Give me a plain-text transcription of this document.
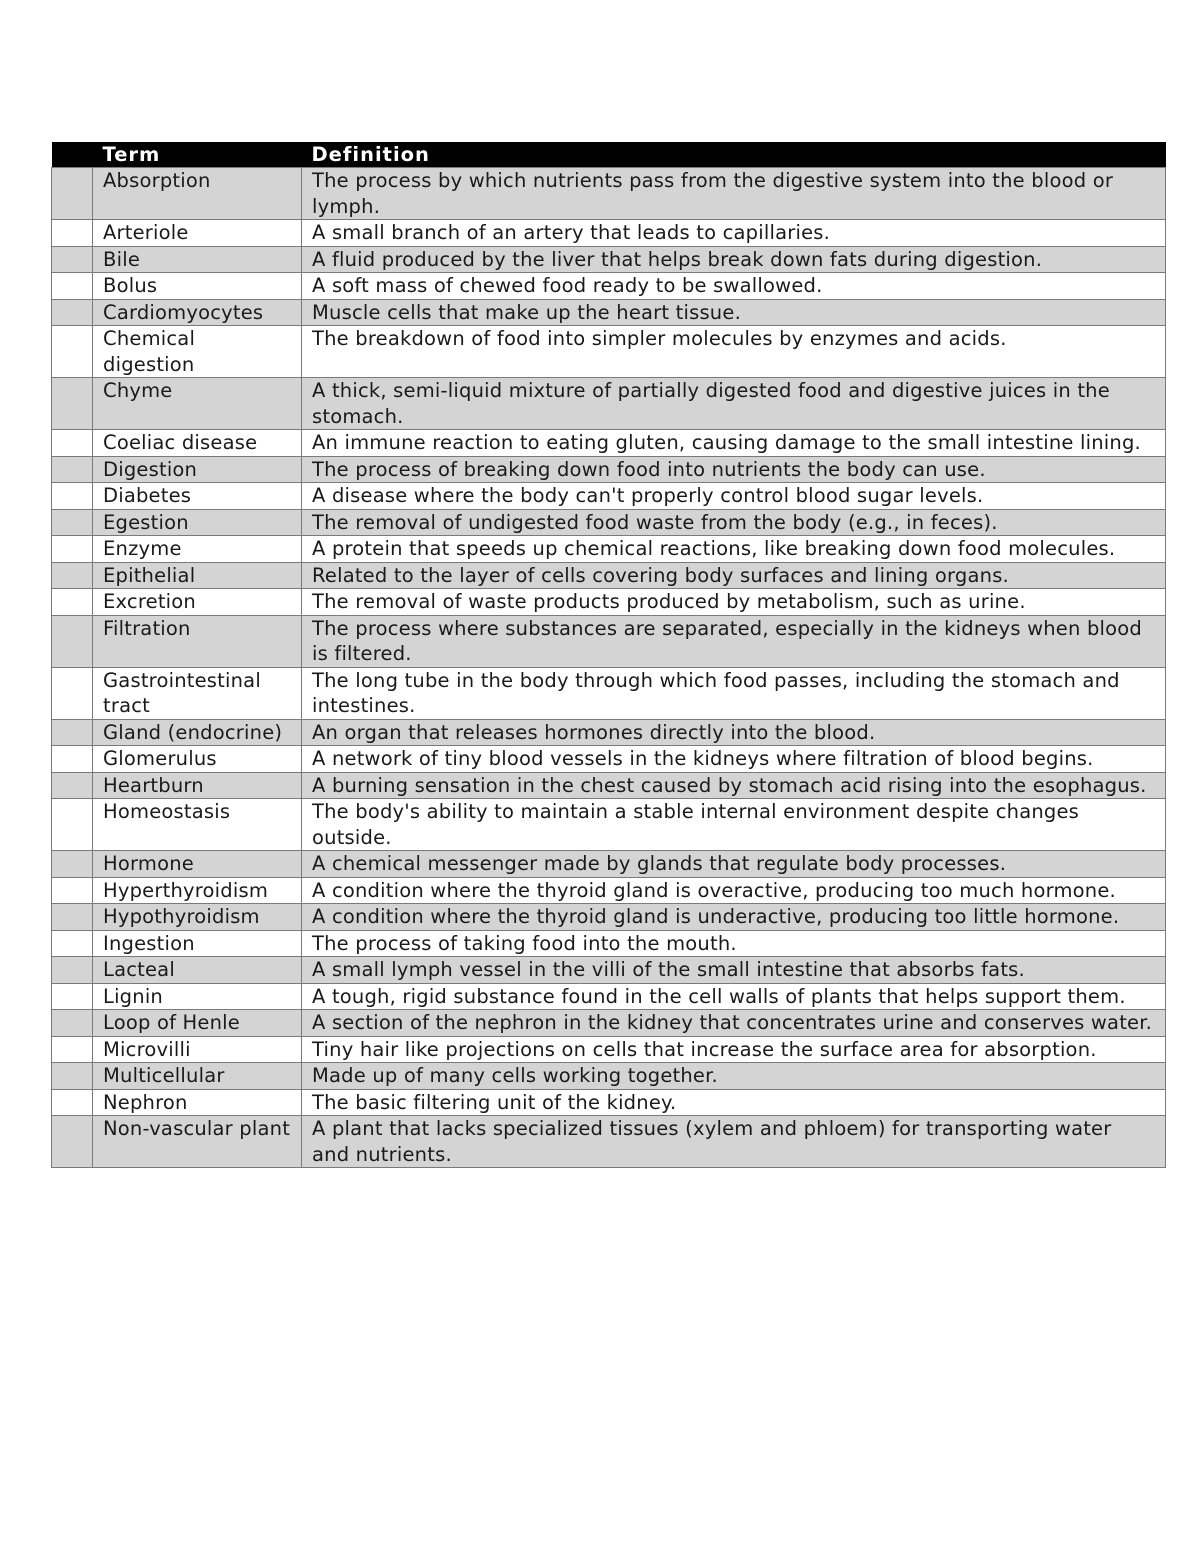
	Term	Definition
	Absorption	The process by which nutrients pass from the digestive system into the blood or lymph.
	Arteriole	A small branch of an artery that leads to capillaries.
	Bile	A fluid produced by the liver that helps break down fats during digestion.
	Bolus	A soft mass of chewed food ready to be swallowed.
	Cardiomyocytes	Muscle cells that make up the heart tissue.
	Chemical digestion	The breakdown of food into simpler molecules by enzymes and acids.
	Chyme	A thick, semi-liquid mixture of partially digested food and digestive juices in the stomach.
	Coeliac disease	An immune reaction to eating gluten, causing damage to the small intestine lining.
	Digestion	The process of breaking down food into nutrients the body can use.
	Diabetes	A disease where the body can't properly control blood sugar levels.
	Egestion	The removal of undigested food waste from the body (e.g., in feces).
	Enzyme	A protein that speeds up chemical reactions, like breaking down food molecules.
	Epithelial	Related to the layer of cells covering body surfaces and lining organs.
	Excretion	The removal of waste products produced by metabolism, such as urine.
	Filtration	The process where substances are separated, especially in the kidneys when blood is filtered.
	Gastrointestinal tract	The long tube in the body through which food passes, including the stomach and intestines.
	Gland (endocrine)	An organ that releases hormones directly into the blood.
	Glomerulus	A network of tiny blood vessels in the kidneys where filtration of blood begins.
	Heartburn	A burning sensation in the chest caused by stomach acid rising into the esophagus.
	Homeostasis	The body's ability to maintain a stable internal environment despite changes outside.
	Hormone	A chemical messenger made by glands that regulate body processes.
	Hyperthyroidism	A condition where the thyroid gland is overactive, producing too much hormone.
	Hypothyroidism	A condition where the thyroid gland is underactive, producing too little hormone.
	Ingestion	The process of taking food into the mouth.
	Lacteal	A small lymph vessel in the villi of the small intestine that absorbs fats.
	Lignin	A tough, rigid substance found in the cell walls of plants that helps support them.
	Loop of Henle	A section of the nephron in the kidney that concentrates urine and conserves water.
	Microvilli	Tiny hair like projections on cells that increase the surface area for absorption.
	Multicellular	Made up of many cells working together.
	Nephron	The basic filtering unit of the kidney.
	Non-vascular plant	A plant that lacks specialized tissues (xylem and phloem) for transporting water and nutrients.
